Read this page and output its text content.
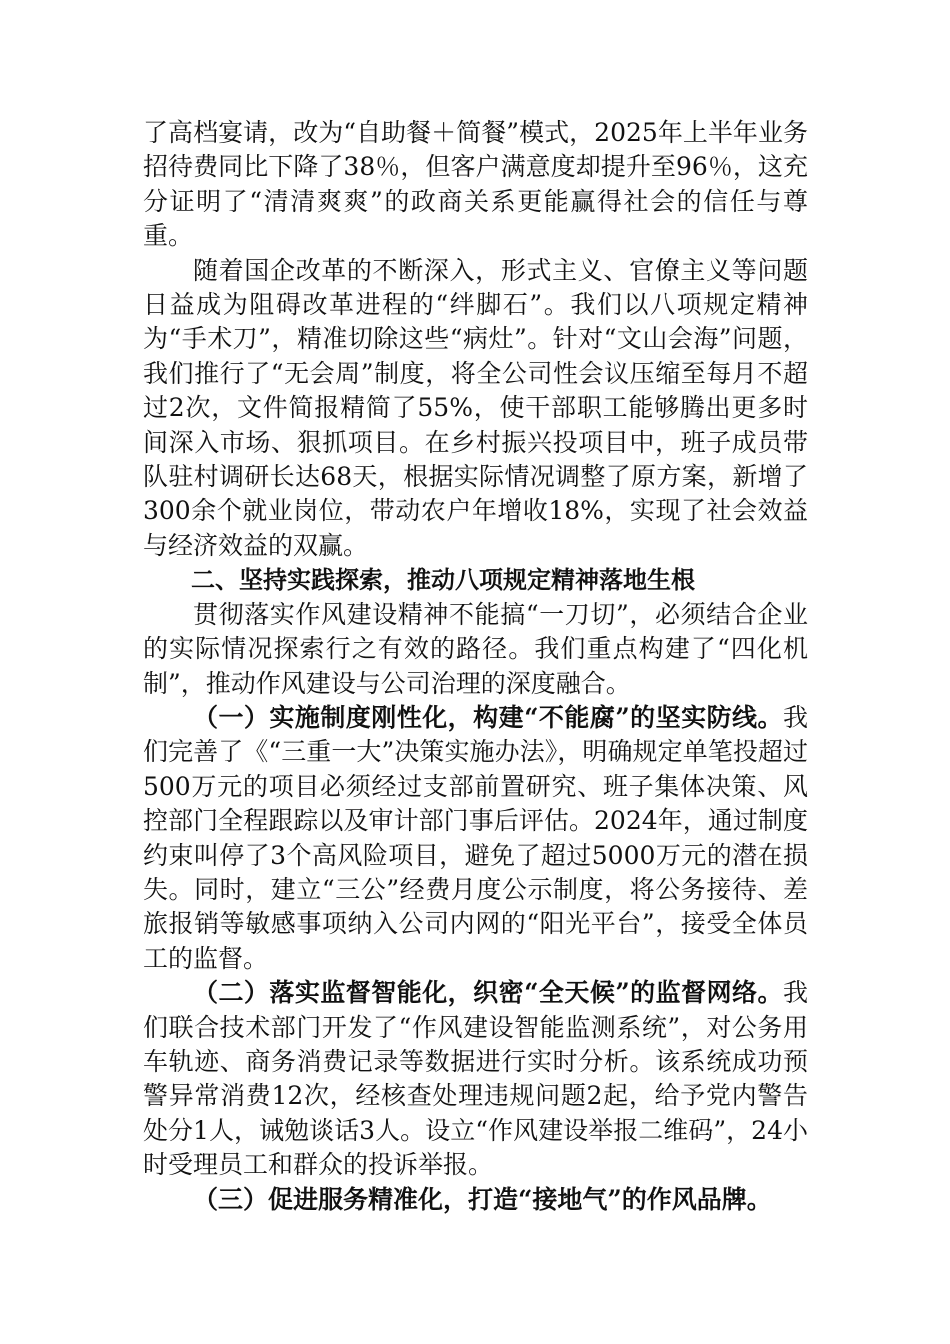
了高档宴请，改为“自助餐＋简餐”模式，2025年上半年业务招待费同比下降了38％，但客户满意度却提升至96％，这充分证明了“清清爽爽”的政商关系更能赢得社会的信任与尊重。

随着国企改革的不断深入，形式主义、官僚主义等问题日益成为阻碍改革进程的“绊脚石”。我们以八项规定精神为“手术刀”，精准切除这些“病灶”。针对“文山会海”问题，我们推行了“无会周”制度，将全公司性会议压缩至每月不超过2次，文件简报精简了55%，使干部职工能够腾出更多时间深入市场、狠抓项目。在乡村振兴投项目中，班子成员带队驻村调研长达68天，根据实际情况调整了原方案，新增了300余个就业岗位，带动农户年增收18%，实现了社会效益与经济效益的双赢。

二、坚持实践探索，推动八项规定精神落地生根

贯彻落实作风建设精神不能搞“一刀切”，必须结合企业的实际情况探索行之有效的路径。我们重点构建了“四化机制”，推动作风建设与公司治理的深度融合。

（一）实施制度刚性化，构建“不能腐”的坚实防线。我们完善了《“三重一大”决策实施办法》，明确规定单笔投超过500万元的项目必须经过支部前置研究、班子集体决策、风控部门全程跟踪以及审计部门事后评估。2024年，通过制度约束叫停了3个高风险项目，避免了超过5000万元的潜在损失。同时，建立“三公”经费月度公示制度，将公务接待、差旅报销等敏感事项纳入公司内网的“阳光平台”，接受全体员工的监督。

（二）落实监督智能化，织密“全天候”的监督网络。我们联合技术部门开发了“作风建设智能监测系统”，对公务用车轨迹、商务消费记录等数据进行实时分析。该系统成功预警异常消费12次，经核查处理违规问题2起，给予党内警告处分1人，诫勉谈话3人。设立“作风建设举报二维码”，24小时受理员工和群众的投诉举报。

（三）促进服务精准化，打造“接地气”的作风品牌。
